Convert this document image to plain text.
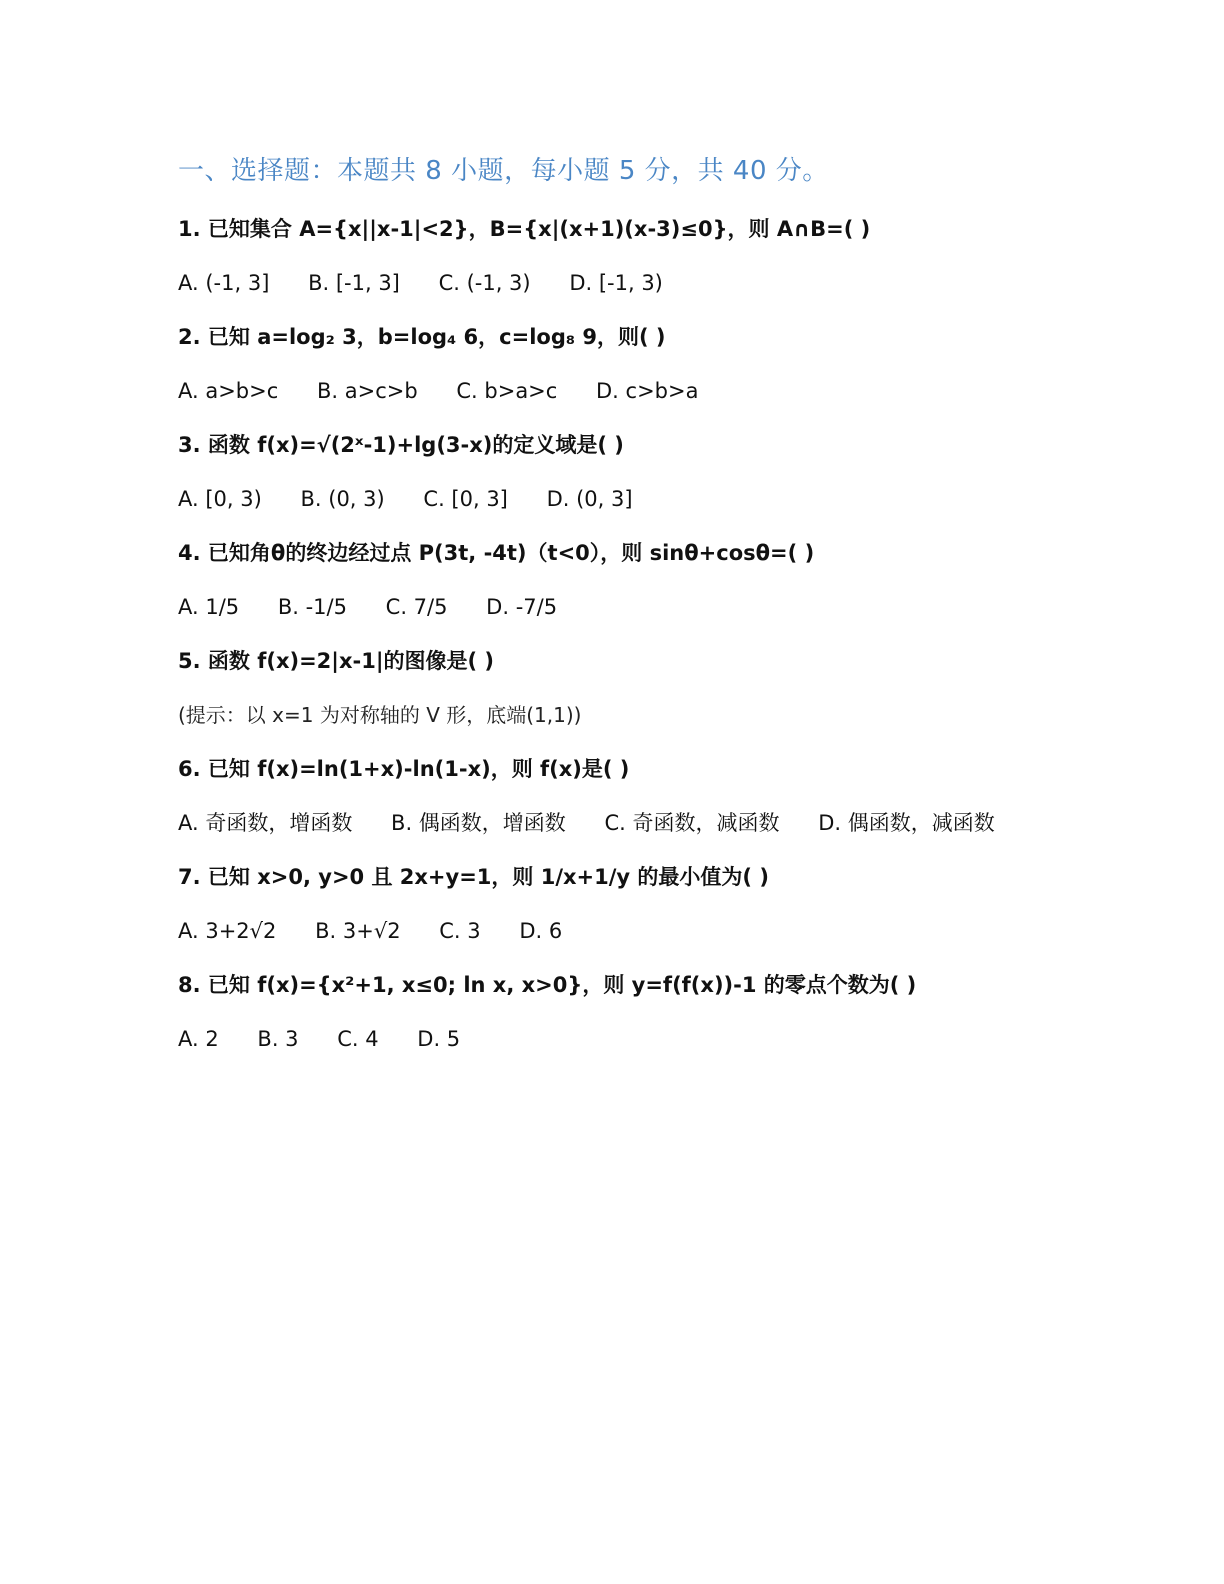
一、选择题：本题共 8 小题，每小题 5 分，共 40 分。
1. 已知集合 A={x||x-1|<2}，B={x|(x+1)(x-3)≤0}，则 A∩B=( )
A. (-1, 3] B. [-1, 3] C. (-1, 3) D. [-1, 3)
2. 已知 a=log₂ 3，b=log₄ 6，c=log₈ 9，则( )
A. a>b>c B. a>c>b C. b>a>c D. c>b>a
3. 函数 f(x)=√(2ˣ-1)+lg(3-x)的定义域是( )
A. [0, 3) B. (0, 3) C. [0, 3] D. (0, 3]
4. 已知角θ的终边经过点 P(3t, -4t)（t<0），则 sinθ+cosθ=( )
A. 1/5 B. -1/5 C. 7/5 D. -7/5
5. 函数 f(x)=2|x-1|的图像是( )
(提示：以 x=1 为对称轴的 V 形，底端(1,1))
6. 已知 f(x)=ln(1+x)-ln(1-x)，则 f(x)是( )
A. 奇函数，增函数 B. 偶函数，增函数 C. 奇函数，减函数 D. 偶函数，减函数
7. 已知 x>0, y>0 且 2x+y=1，则 1/x+1/y 的最小值为( )
A. 3+2√2 B. 3+√2 C. 3 D. 6
8. 已知 f(x)={x²+1, x≤0; ln x, x>0}，则 y=f(f(x))-1 的零点个数为( )
A. 2 B. 3 C. 4 D. 5
